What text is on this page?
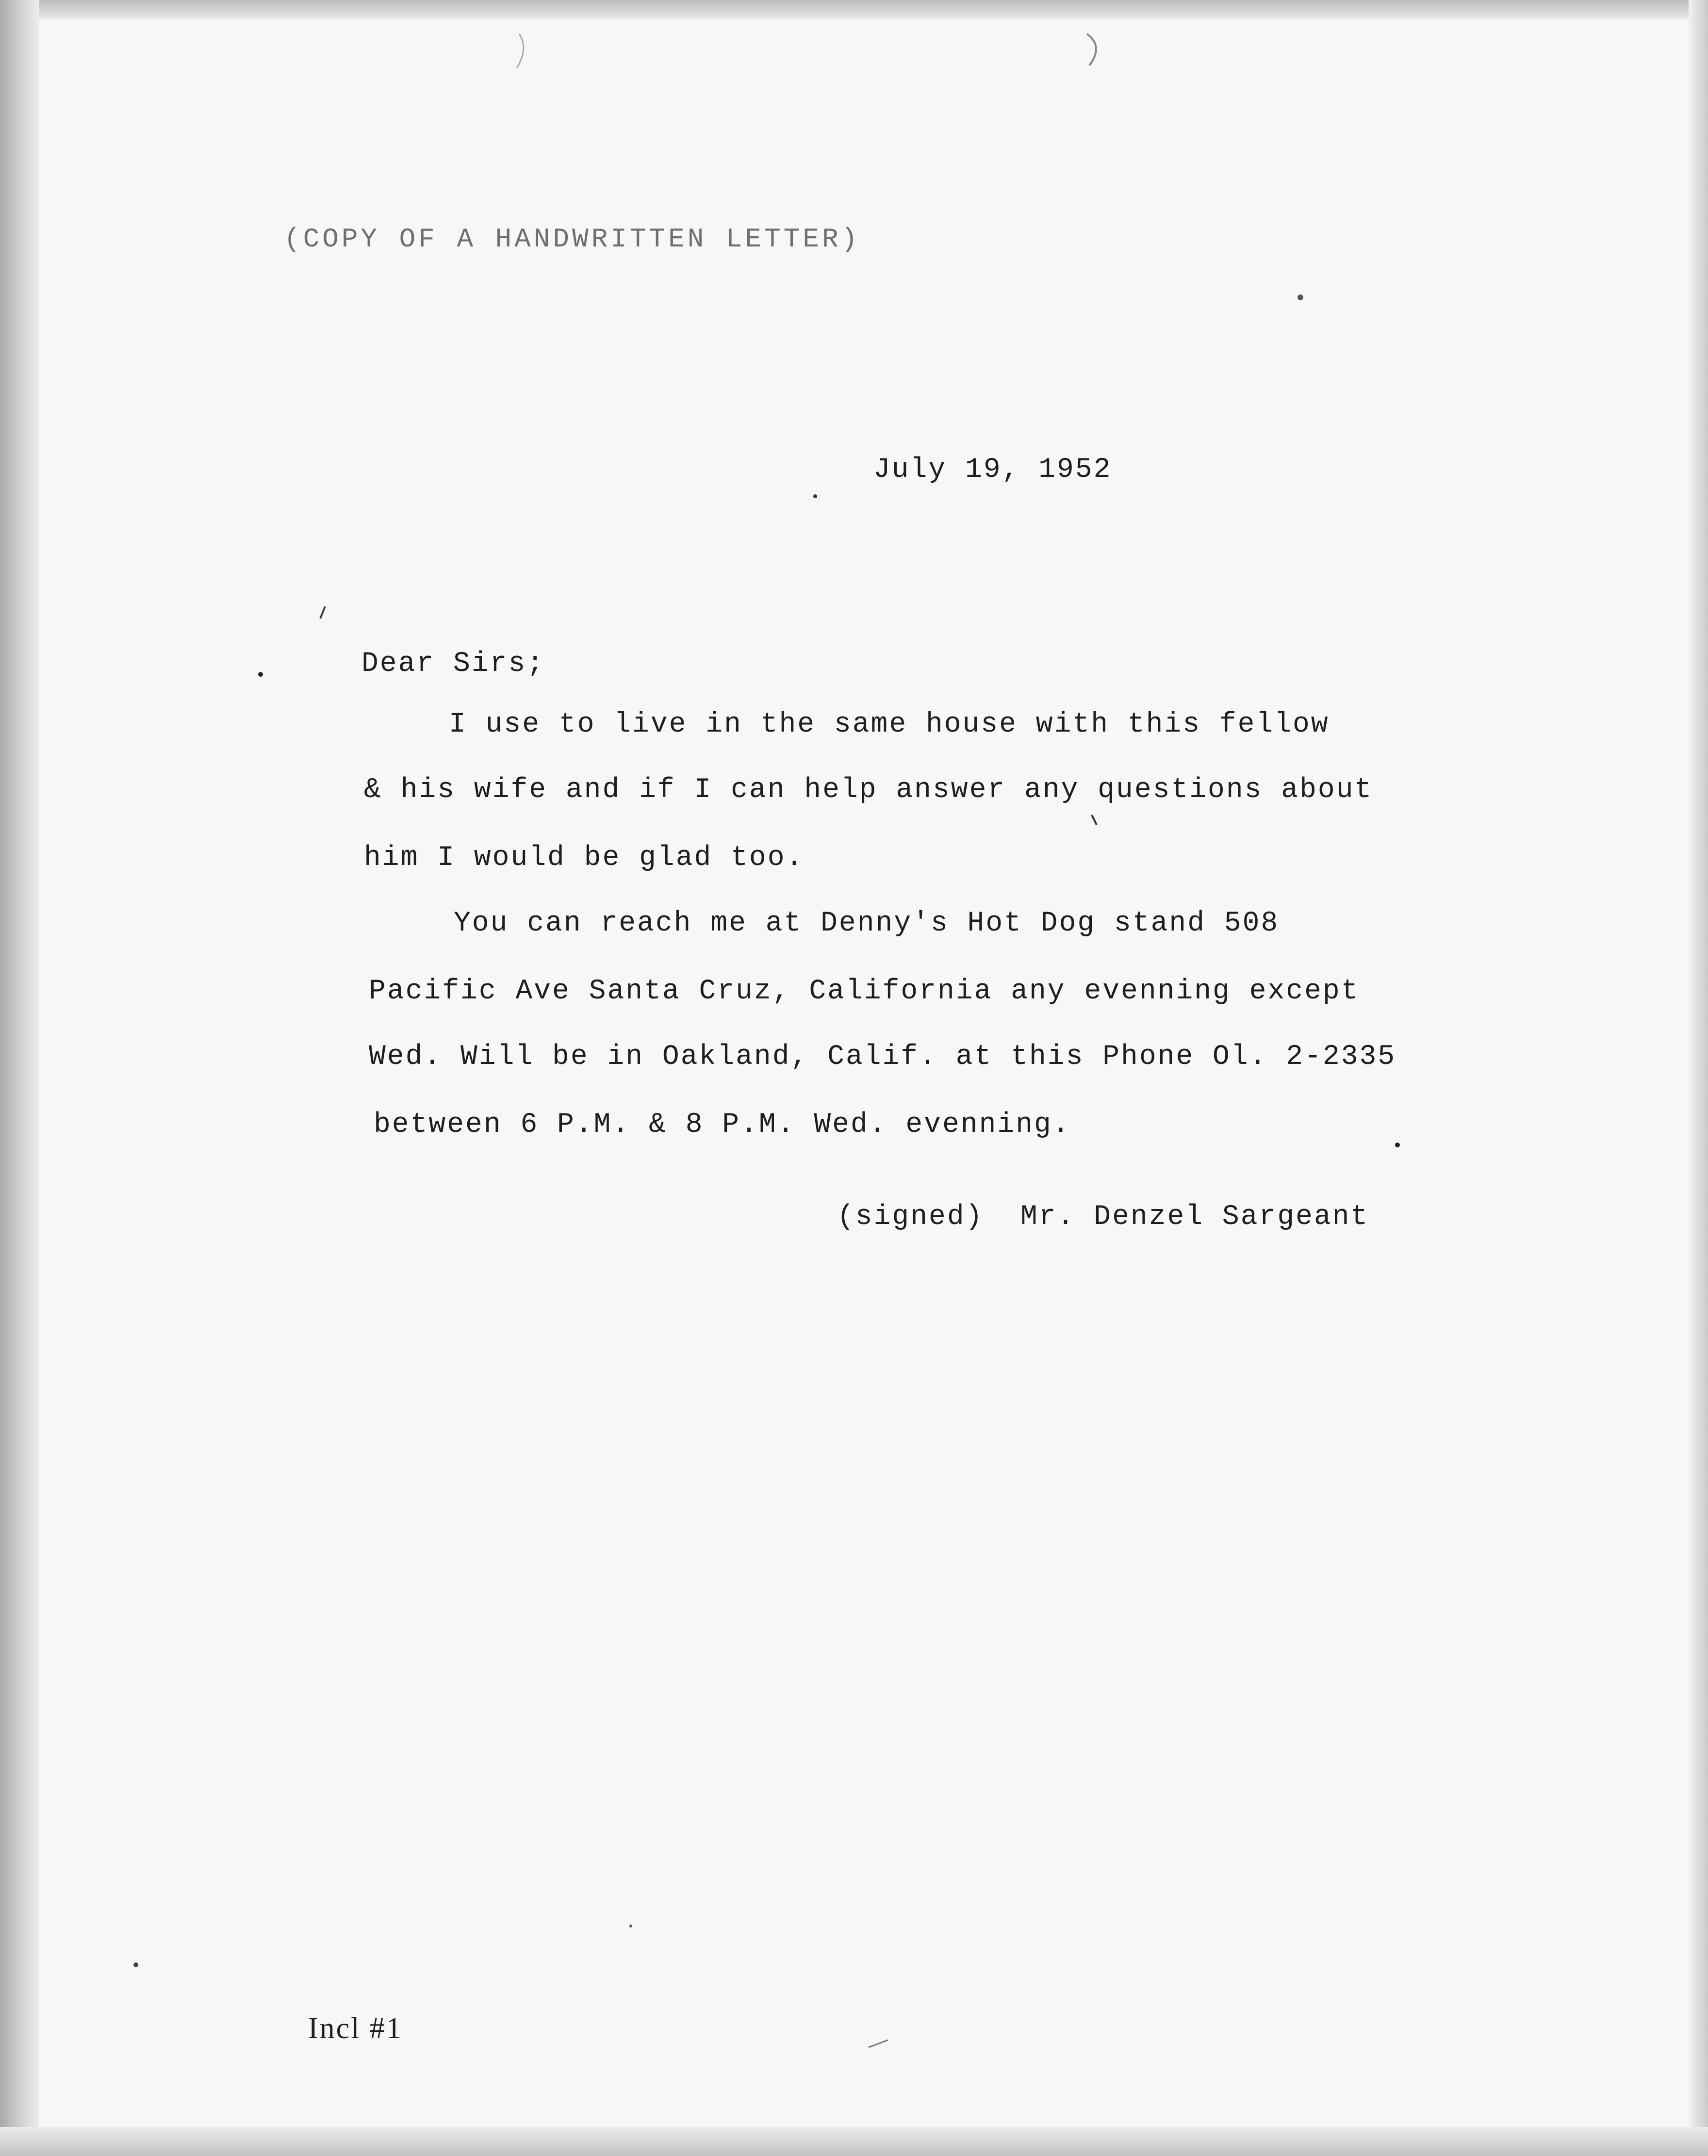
(COPY OF A HANDWRITTEN LETTER)
July 19, 1952
Dear Sirs;
I use to live in the same house with this fellow
& his wife and if I can help answer any questions about
him I would be glad too.
You can reach me at Denny's Hot Dog stand 508
Pacific Ave Santa Cruz, California any evenning except
Wed. Will be in Oakland, Calif. at this Phone Ol. 2-2335
between 6 P.M. & 8 P.M. Wed. evenning.
(signed)  Mr. Denzel Sargeant
Incl #1
